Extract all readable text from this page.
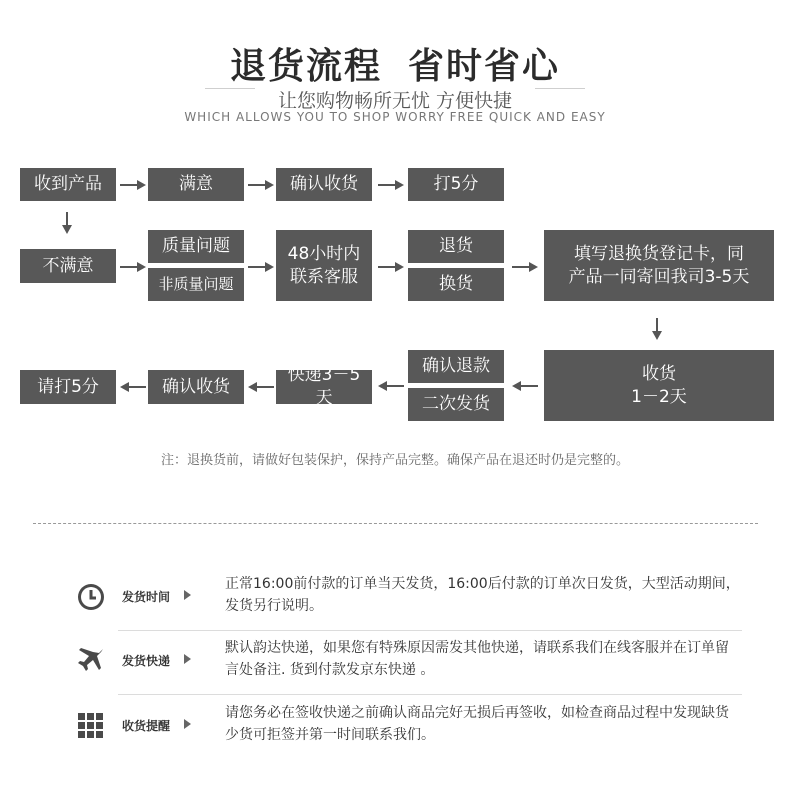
退货流程 省时省心
让您购物畅所无忧 方便快捷
WHICH ALLOWS YOU TO SHOP WORRY FREE QUICK AND EASY
收到产品	满意	确认收货	打5分
不满意
质量问题
非质量问题
48小时内
联系客服
退货
换货
填写退换货登记卡，同
产品一同寄回我司3-5天
收货
1－2天
确认退款
二次发货
快递3－5天
确认收货
请打5分
注：退换货前，请做好包装保护，保持产品完整。确保产品在退还时仍是完整的。
发货时间
正常16:00前付款的订单当天发货，16:00后付款的订单次日发货，大型活动期间，发货另行说明。
发货快递
默认韵达快递，如果您有特殊原因需发其他快递，请联系我们在线客服并在订单留言处备注. 货到付款发京东快递 。
收货提醒
请您务必在签收快递之前确认商品完好无损后再签收，如检查商品过程中发现缺货少货可拒签并第一时间联系我们。
